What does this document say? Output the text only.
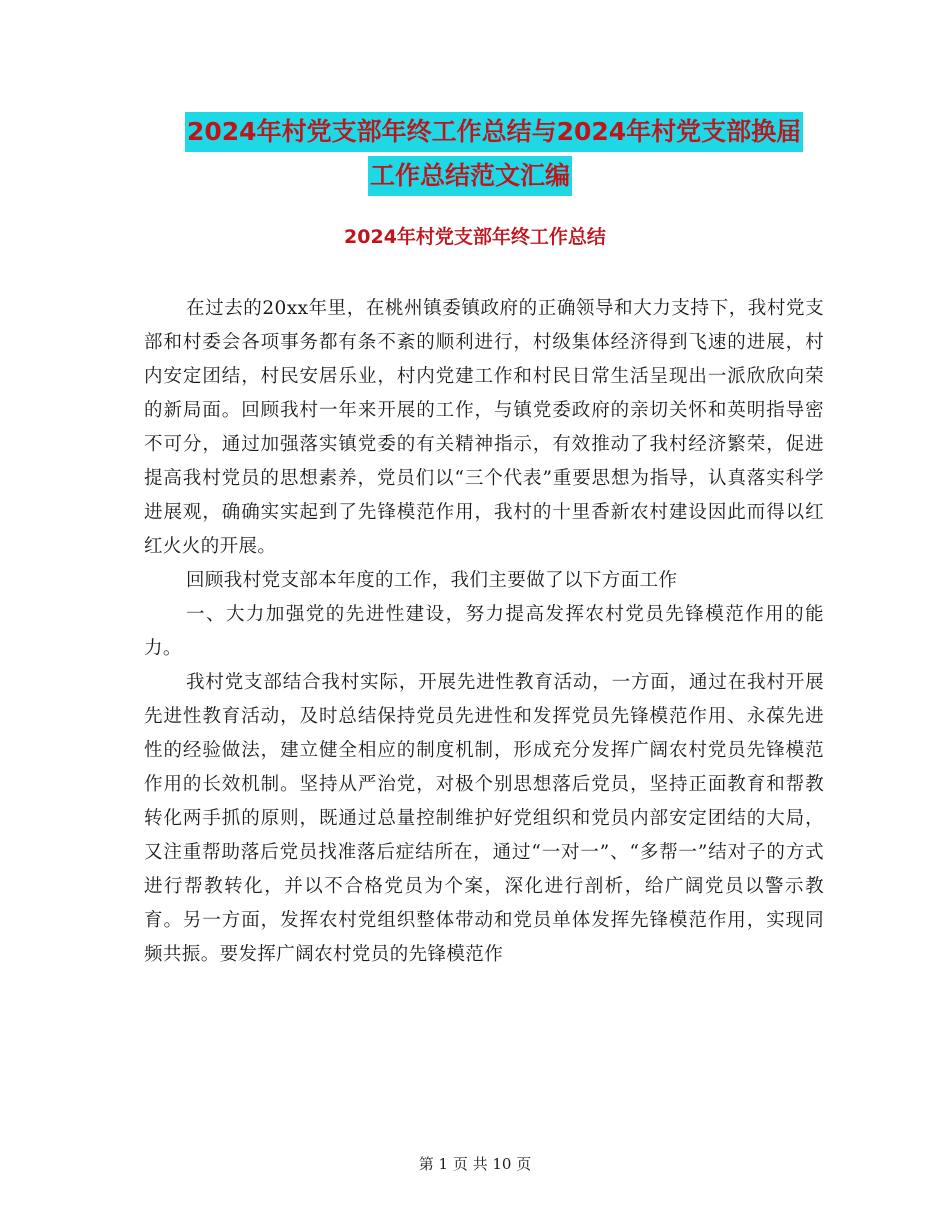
2024年村党支部年终工作总结与2024年村党支部换届
工作总结范文汇编
2024年村党支部年终工作总结

在过去的20xx年里，在桃州镇委镇政府的正确领导和大力支持下，我村党支部和村委会各项事务都有条不紊的顺利进行，村级集体经济得到飞速的进展，村内安定团结，村民安居乐业，村内党建工作和村民日常生活呈现出一派欣欣向荣的新局面。回顾我村一年来开展的工作，与镇党委政府的亲切关怀和英明指导密不可分，通过加强落实镇党委的有关精神指示，有效推动了我村经济繁荣，促进提高我村党员的思想素养，党员们以“三个代表”重要思想为指导，认真落实科学进展观，确确实实起到了先锋模范作用，我村的十里香新农村建设因此而得以红红火火的开展。

回顾我村党支部本年度的工作，我们主要做了以下方面工作

一、大力加强党的先进性建设，努力提高发挥农村党员先锋模范作用的能力。

我村党支部结合我村实际，开展先进性教育活动，一方面，通过在我村开展先进性教育活动，及时总结保持党员先进性和发挥党员先锋模范作用、永葆先进性的经验做法，建立健全相应的制度机制，形成充分发挥广阔农村党员先锋模范作用的长效机制。坚持从严治党，对极个别思想落后党员，坚持正面教育和帮教转化两手抓的原则，既通过总量控制维护好党组织和党员内部安定团结的大局，又注重帮助落后党员找准落后症结所在，通过“一对一”、“多帮一”结对子的方式进行帮教转化，并以不合格党员为个案，深化进行剖析，给广阔党员以警示教育。另一方面，发挥农村党组织整体带动和党员单体发挥先锋模范作用，实现同频共振。要发挥广阔农村党员的先锋模范作

第 1 页 共 10 页
